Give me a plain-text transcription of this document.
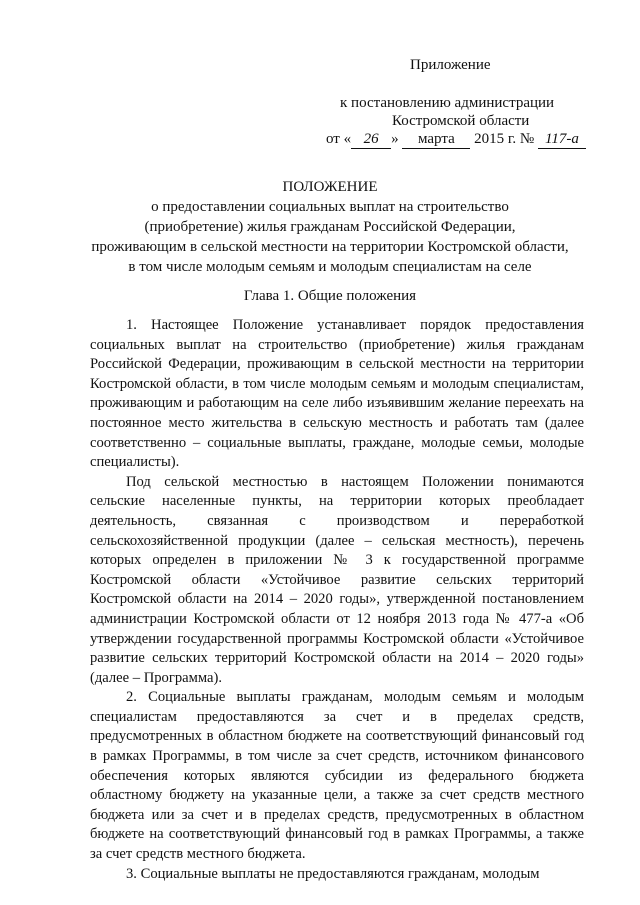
Приложение
к постановлению администрации
Костромской области
от « 26 » марта 2015 г. № 117-а
ПОЛОЖЕНИЕ
о предоставлении социальных выплат на строительство
(приобретение) жилья гражданам Российской Федерации,
проживающим в сельской местности на территории Костромской области,
в том числе молодым семьям и молодым специалистам на селе
Глава 1. Общие положения

1. Настоящее Положение устанавливает порядок предоставления социальных выплат на строительство (приобретение) жилья гражданам Российской Федерации, проживающим в сельской местности на территории Костромской области, в том числе молодым семьям и молодым специалистам, проживающим и работающим на селе либо изъявившим желание переехать на постоянное место жительства в сельскую местность и работать там (далее соответственно – социальные выплаты, граждане, молодые семьи, молодые специалисты).

Под сельской местностью в настоящем Положении понимаются сельские населенные пункты, на территории которых преобладает деятельность, связанная с производством и переработкой сельскохозяйственной продукции (далее – сельская местность), перечень которых определен в приложении № 3 к государственной программе Костромской области «Устойчивое развитие сельских территорий Костромской области на 2014 – 2020 годы», утвержденной постановлением администрации Костромской области от 12 ноября 2013 года № 477-а «Об утверждении государственной программы Костромской области «Устойчивое развитие сельских территорий Костромской области на 2014 – 2020 годы» (далее – Программа).

2. Социальные выплаты гражданам, молодым семьям и молодым специалистам предоставляются за счет и в пределах средств, предусмотренных в областном бюджете на соответствующий финансовый год в рамках Программы, в том числе за счет средств, источником финансового обеспечения которых являются субсидии из федерального бюджета областному бюджету на указанные цели, а также за счет средств местного бюджета или за счет и в пределах средств, предусмотренных в областном бюджете на соответствующий финансовый год в рамках Программы, а также за счет средств местного бюджета.

3. Социальные выплаты не предоставляются гражданам, молодым
